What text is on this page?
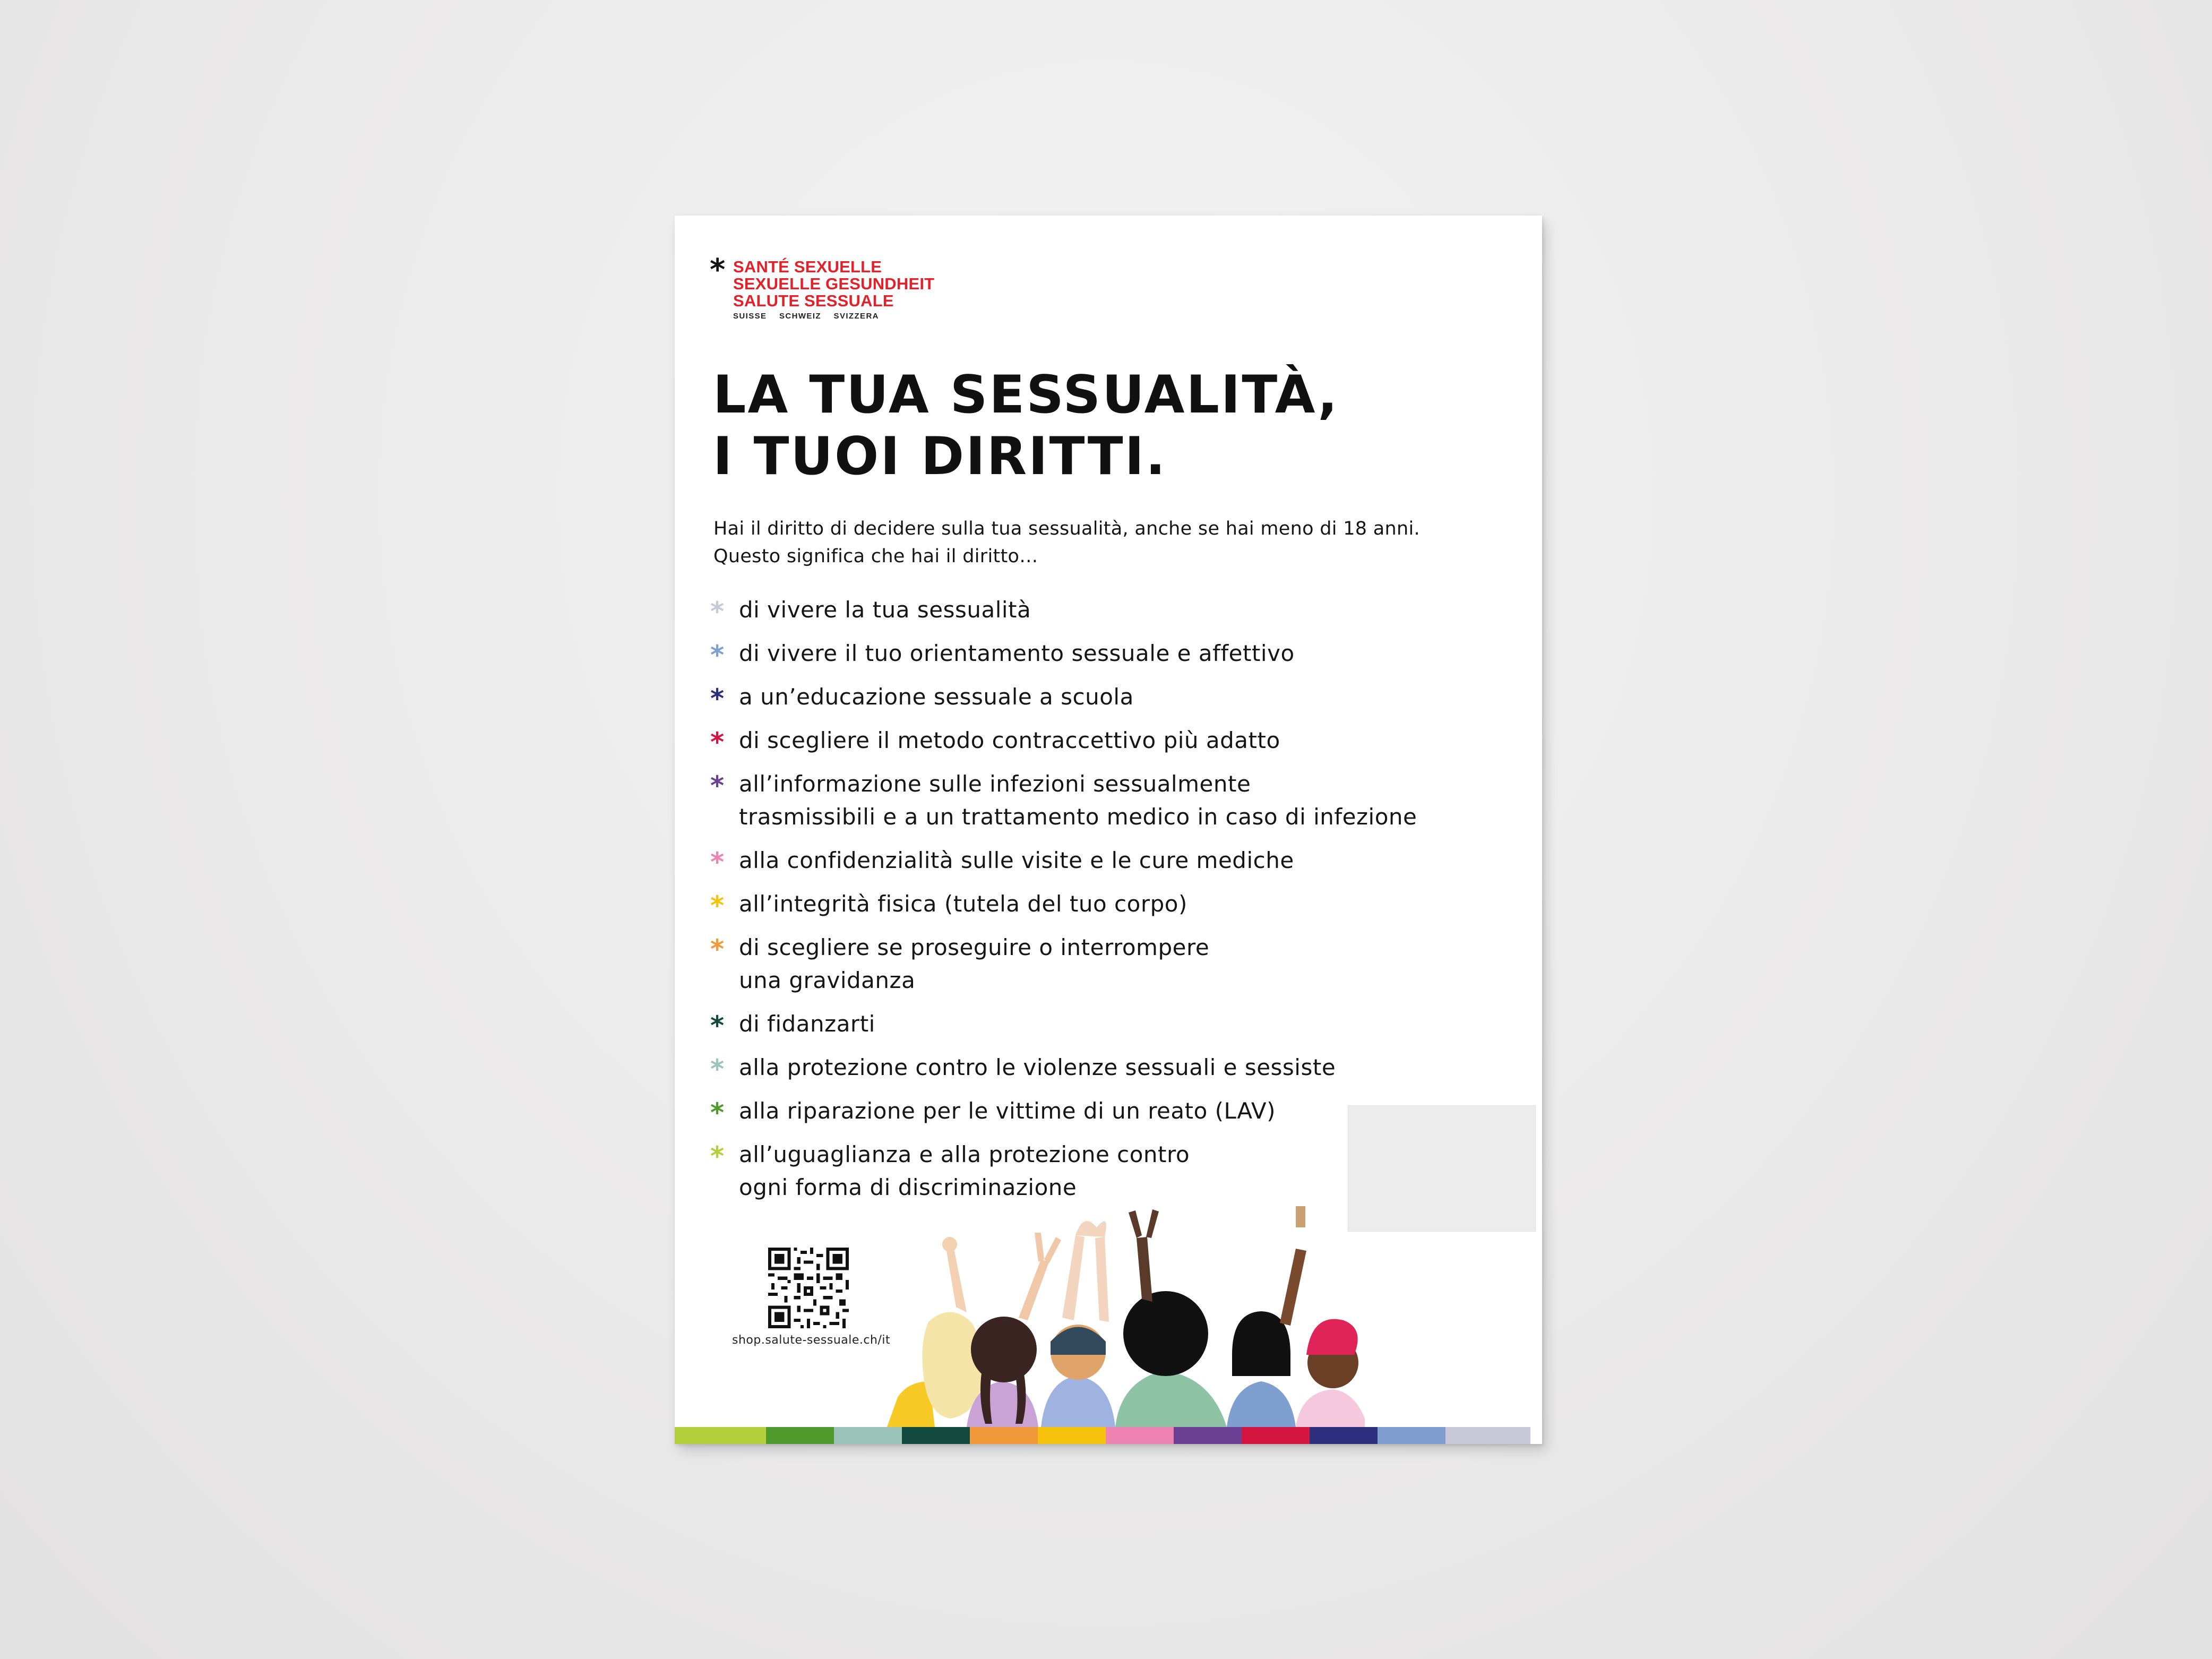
* SANTÉ SEXUELLE
SEXUELLE GESUNDHEIT
SALUTE SESSUALE
SUISSE SCHWEIZ SVIZZERA
LA TUA SESSUALITÀ,
I TUOI DIRITTI.
Hai il diritto di decidere sulla tua sessualità, anche se hai meno di 18 anni.
Questo significa che hai il diritto…
* di vivere la tua sessualità
* di vivere il tuo orientamento sessuale e affettivo
* a un’educazione sessuale a scuola
* di scegliere il metodo contraccettivo più adatto
* all’informazione sulle infezioni sessualmente
trasmissibili e a un trattamento medico in caso di infezione
* alla confidenzialità sulle visite e le cure mediche
* all’integrità fisica (tutela del tuo corpo)
* di scegliere se proseguire o interrompere
una gravidanza
* di fidanzarti
* alla protezione contro le violenze sessuali e sessiste
* alla riparazione per le vittime di un reato (LAV)
* all’uguaglianza e alla protezione contro
ogni forma di discriminazione
shop.salute-sessuale.ch/it
